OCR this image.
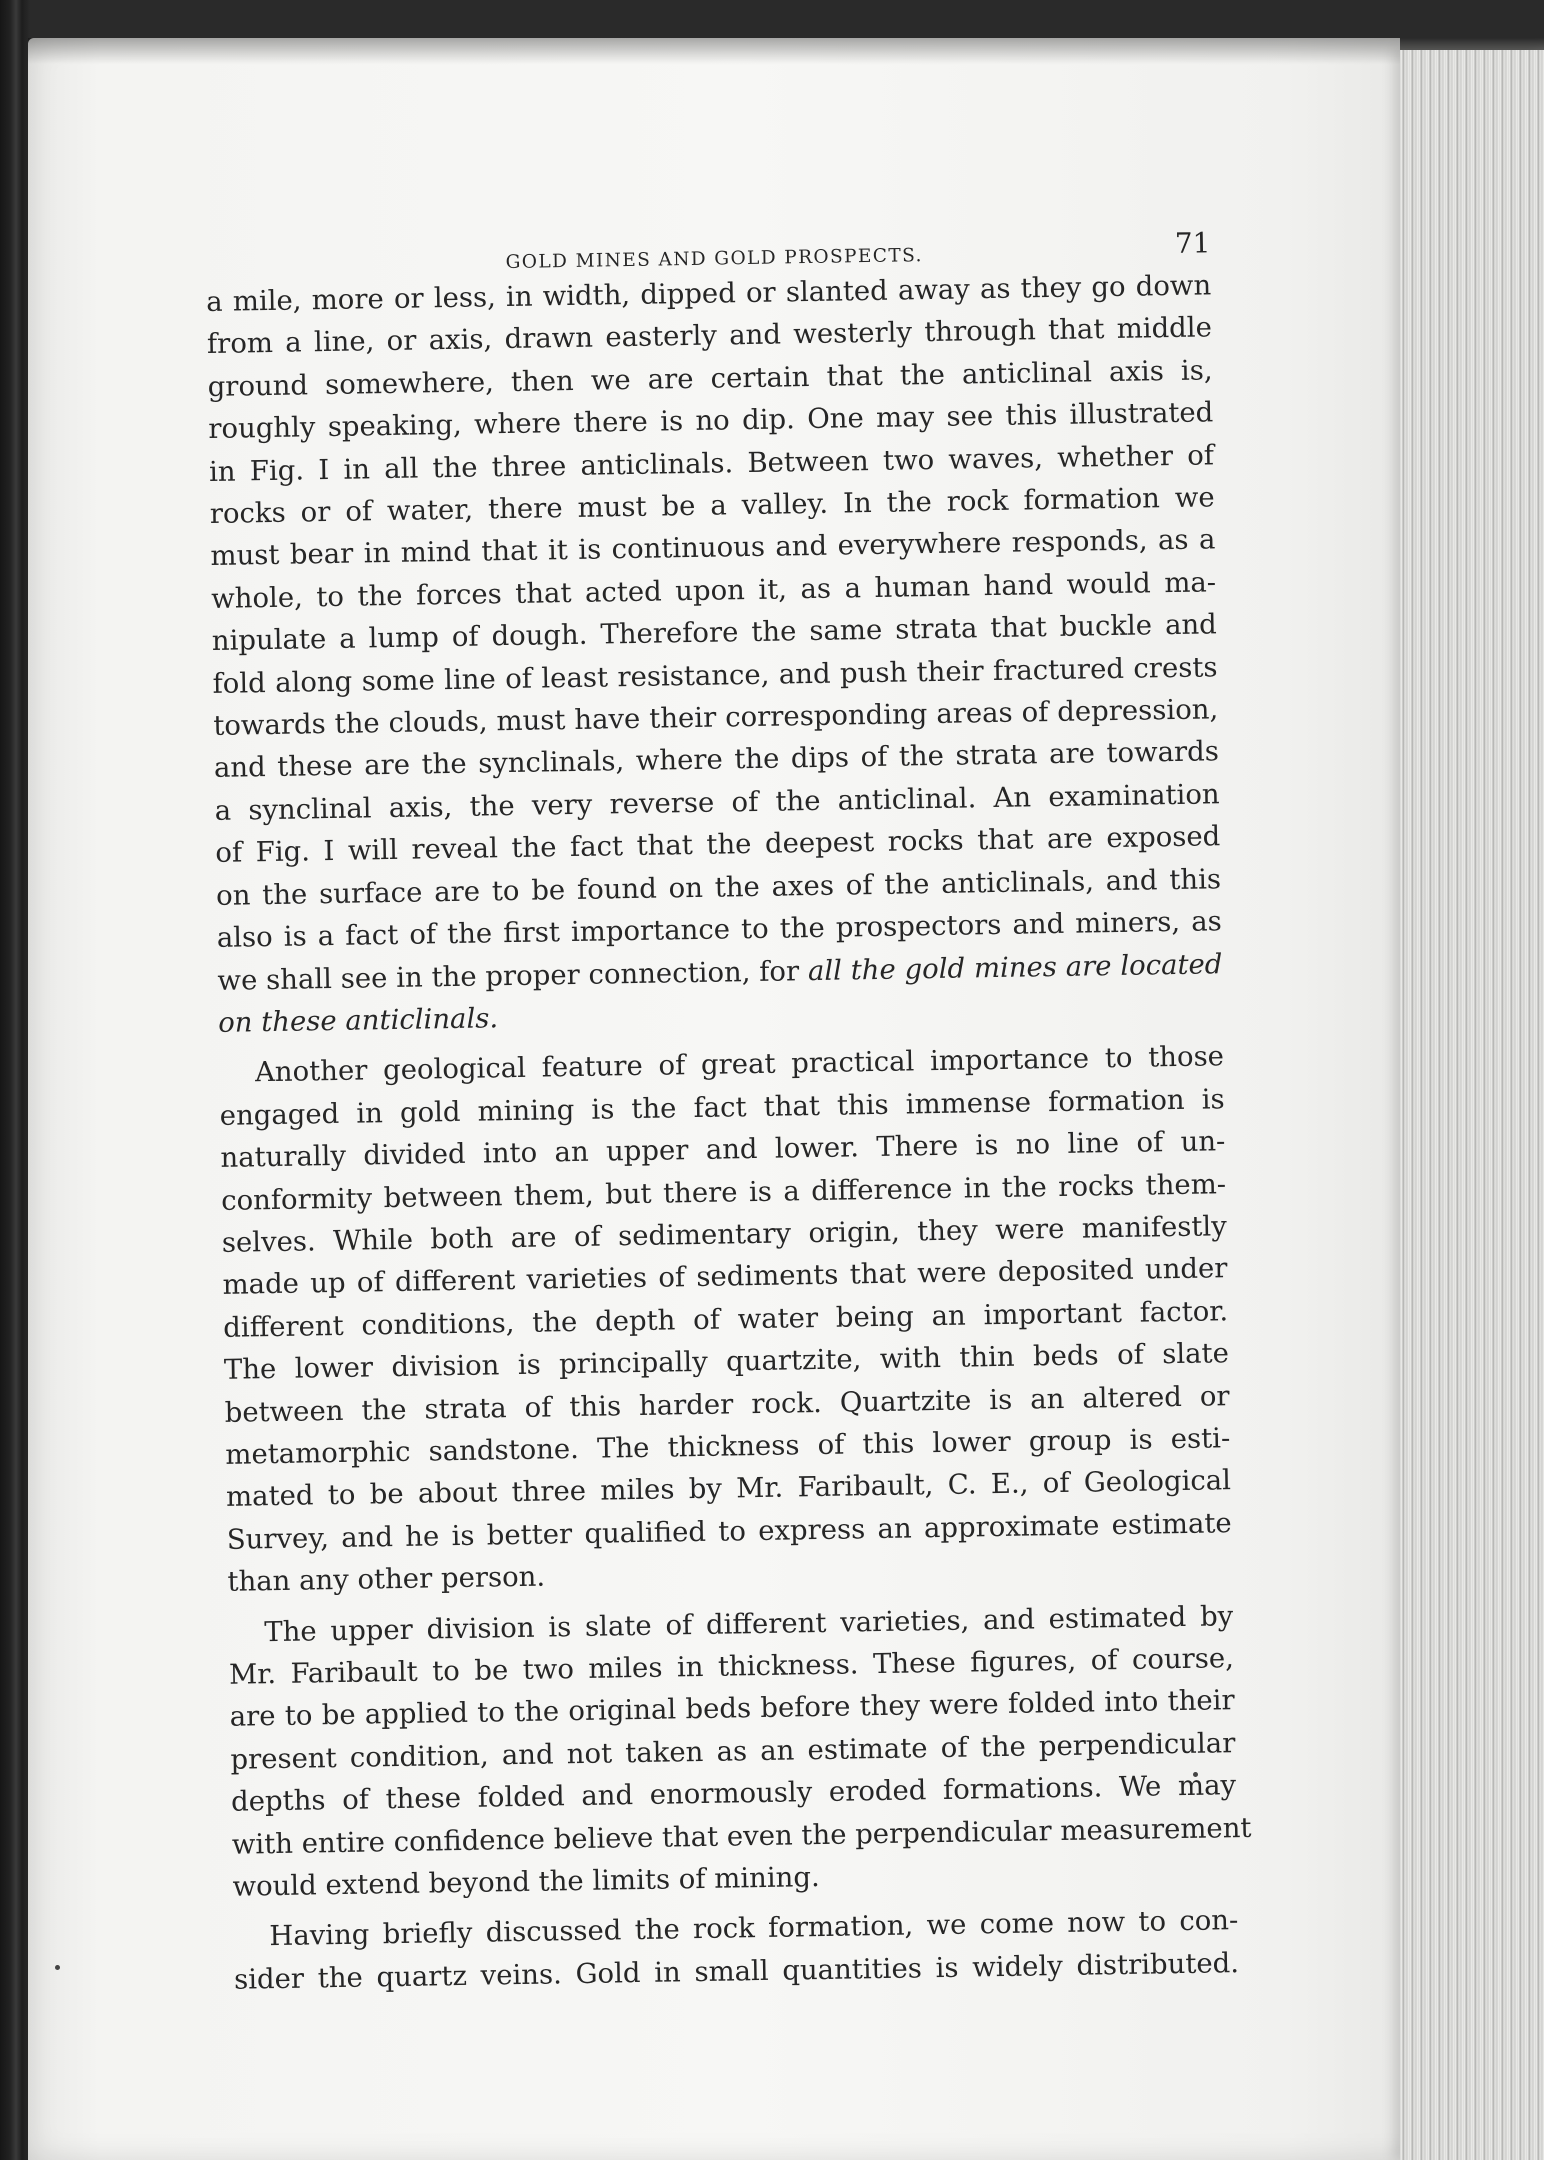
GOLD MINES AND GOLD PROSPECTS.	71
a mile, more or less, in width, dipped or slanted away as they go down
from a line, or axis, drawn easterly and westerly through that middle
ground somewhere, then we are certain that the anticlinal axis is,
roughly speaking, where there is no dip. One may see this illustrated
in Fig. I in all the three anticlinals. Between two waves, whether of
rocks or of water, there must be a valley. In the rock formation we
must bear in mind that it is continuous and everywhere responds, as a
whole, to the forces that acted upon it, as a human hand would ma-
nipulate a lump of dough. Therefore the same strata that buckle and
fold along some line of least resistance, and push their fractured crests
towards the clouds, must have their corresponding areas of depression,
and these are the synclinals, where the dips of the strata are towards
a synclinal axis, the very reverse of the anticlinal. An examination
of Fig. I will reveal the fact that the deepest rocks that are exposed
on the surface are to be found on the axes of the anticlinals, and this
also is a fact of the first importance to the prospectors and miners, as
we shall see in the proper connection, for all the gold mines are located
on these anticlinals.
Another geological feature of great practical importance to those
engaged in gold mining is the fact that this immense formation is
naturally divided into an upper and lower. There is no line of un-
conformity between them, but there is a difference in the rocks them-
selves. While both are of sedimentary origin, they were manifestly
made up of different varieties of sediments that were deposited under
different conditions, the depth of water being an important factor.
The lower division is principally quartzite, with thin beds of slate
between the strata of this harder rock. Quartzite is an altered or
metamorphic sandstone. The thickness of this lower group is esti-
mated to be about three miles by Mr. Faribault, C. E., of Geological
Survey, and he is better qualified to express an approximate estimate
than any other person.
The upper division is slate of different varieties, and estimated by
Mr. Faribault to be two miles in thickness. These figures, of course,
are to be applied to the original beds before they were folded into their
present condition, and not taken as an estimate of the perpendicular
depths of these folded and enormously eroded formations. We may
with entire confidence believe that even the perpendicular measurement
would extend beyond the limits of mining.
Having briefly discussed the rock formation, we come now to con-
sider the quartz veins. Gold in small quantities is widely distributed.
